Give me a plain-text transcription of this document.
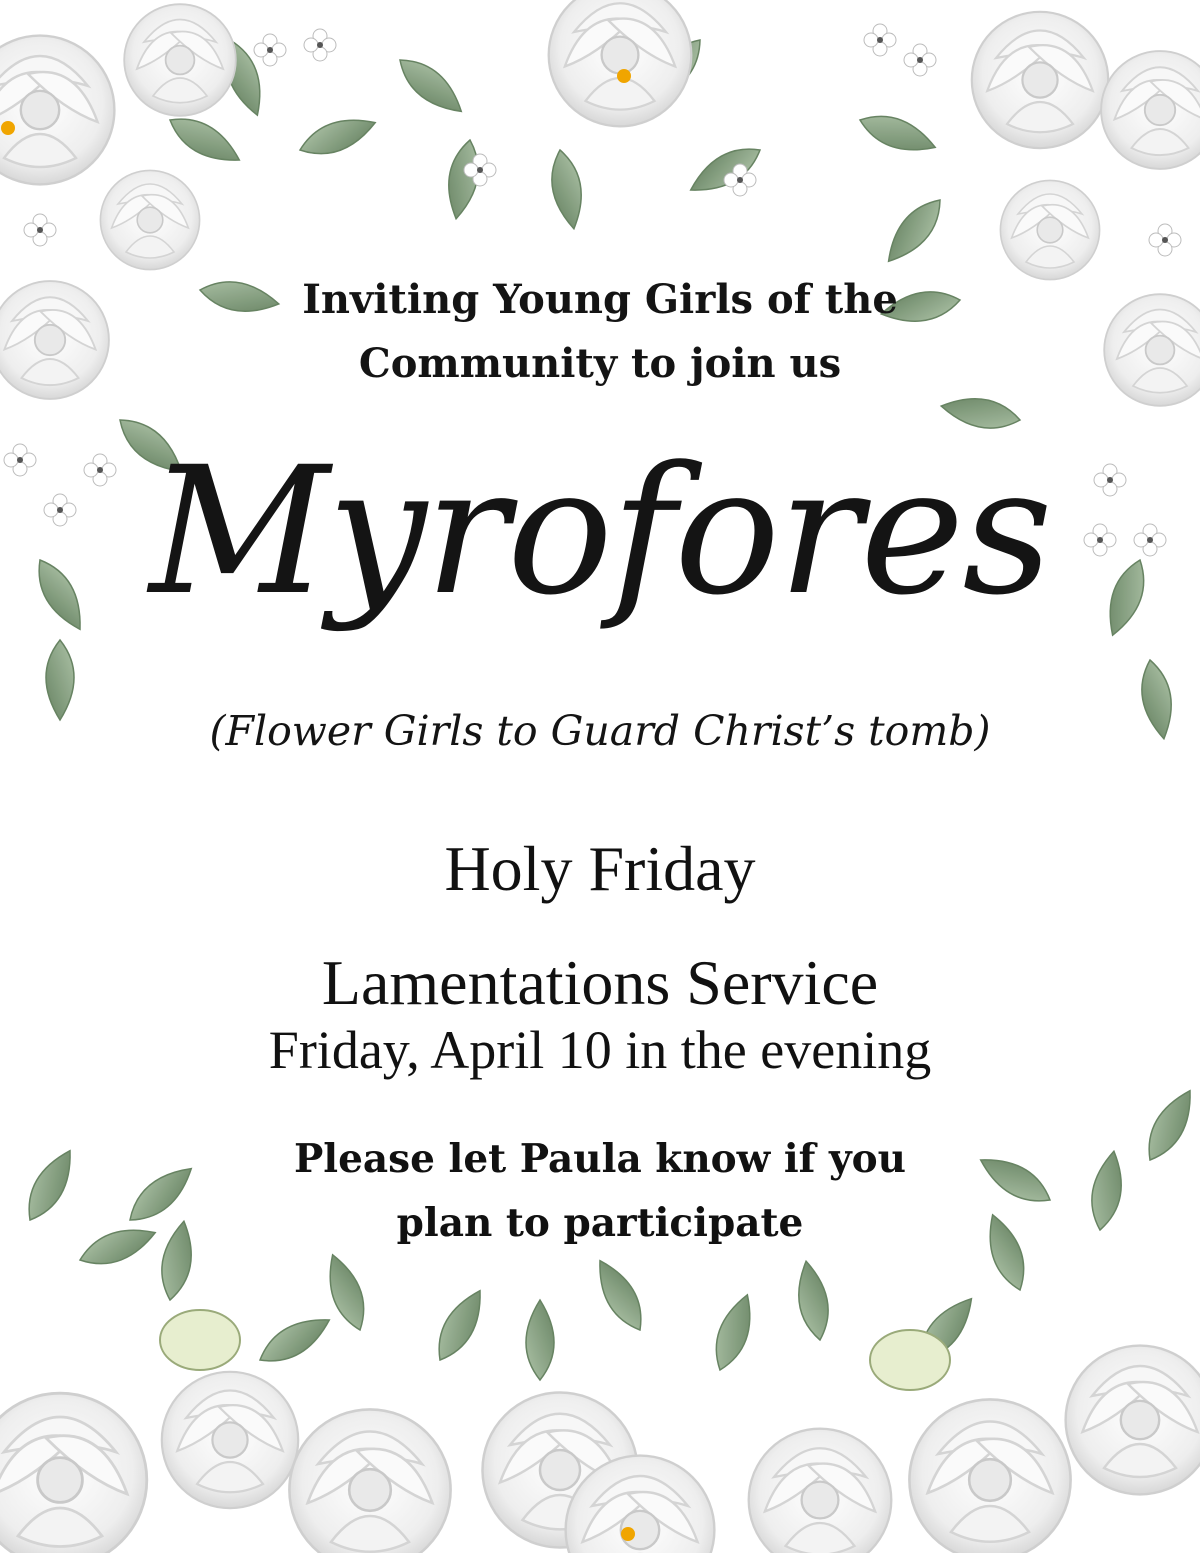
Inviting Young Girls of the
Community to join us
Myrofores
(Flower Girls to Guard Christ’s tomb)
Holy Friday
Lamentations Service
Friday, April 10 in the evening
Please let Paula know if you
plan to participate
